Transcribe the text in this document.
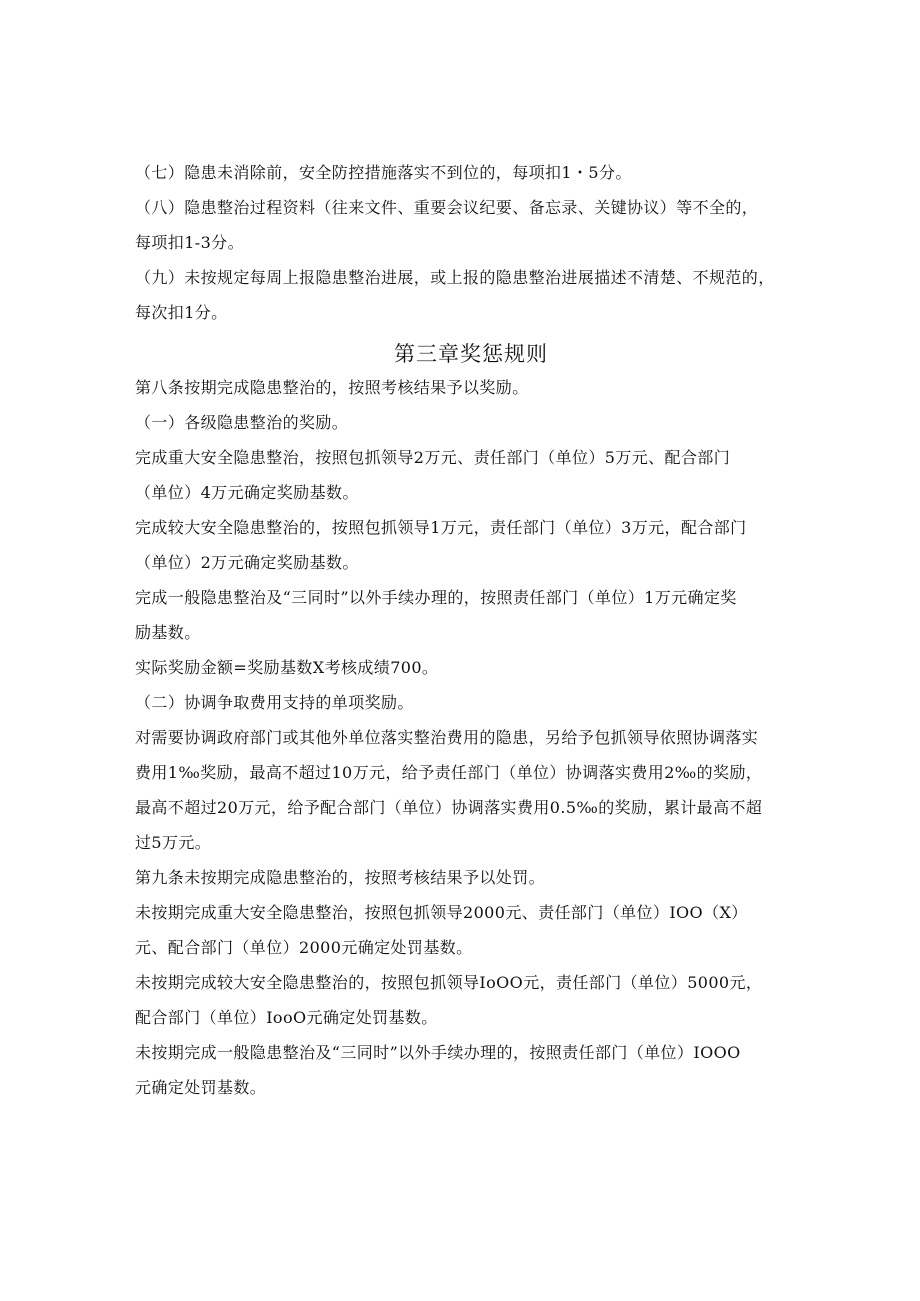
（七）隐患未消除前，安全防控措施落实不到位的，每项扣1・5分。
（八）隐患整治过程资料（往来文件、重要会议纪要、备忘录、关键协议）等不全的，
每项扣1-3分。
（九）未按规定每周上报隐患整治进展，或上报的隐患整治进展描述不清楚、不规范的，
每次扣1分。
第三章奖惩规则
第八条按期完成隐患整治的，按照考核结果予以奖励。
（一）各级隐患整治的奖励。
完成重大安全隐患整治，按照包抓领导2万元、责任部门（单位）5万元、配合部门
（单位）4万元确定奖励基数。
完成较大安全隐患整治的，按照包抓领导1万元，责任部门（单位）3万元，配合部门
（单位）2万元确定奖励基数。
完成一般隐患整治及“三同时”以外手续办理的，按照责任部门（单位）1万元确定奖
励基数。
实际奖励金额=奖励基数X考核成绩700。
（二）协调争取费用支持的单项奖励。
对需要协调政府部门或其他外单位落实整治费用的隐患，另给予包抓领导依照协调落实
费用1‰奖励，最高不超过10万元，给予责任部门（单位）协调落实费用2‰的奖励，
最高不超过20万元，给予配合部门（单位）协调落实费用0.5‰的奖励，累计最高不超
过5万元。
第九条未按期完成隐患整治的，按照考核结果予以处罚。
未按期完成重大安全隐患整治，按照包抓领导2000元、责任部门（单位）IOO（X）
元、配合部门（单位）2000元确定处罚基数。
未按期完成较大安全隐患整治的，按照包抓领导IoOO元，责任部门（单位）5000元，
配合部门（单位）IooO元确定处罚基数。
未按期完成一般隐患整治及“三同时”以外手续办理的，按照责任部门（单位）IOOO
元确定处罚基数。
